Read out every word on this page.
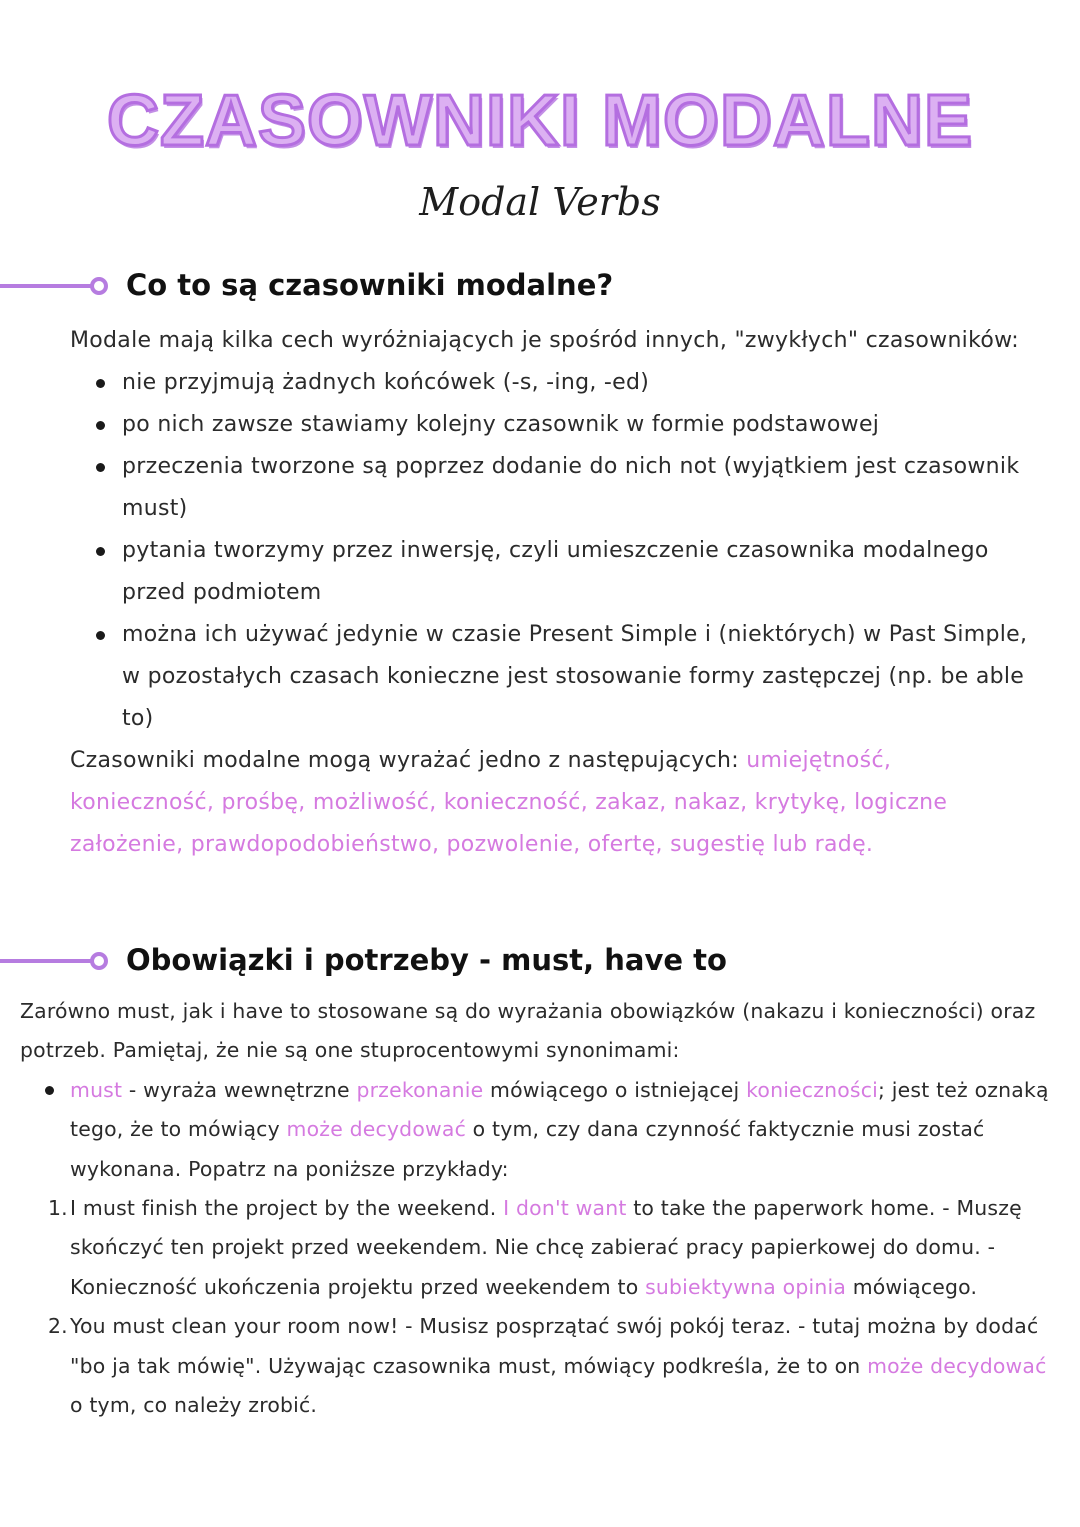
CZASOWNIKI MODALNE
Modal Verbs
Co to są czasowniki modalne?

Modale mają kilka cech wyróżniających je spośród innych, "zwykłych" czasowników:

nie przyjmują żadnych końcówek (-s, -ing, -ed)
po nich zawsze stawiamy kolejny czasownik w formie podstawowej
przeczenia tworzone są poprzez dodanie do nich not (wyjątkiem jest czasownik must)
pytania tworzymy przez inwersję, czyli umieszczenie czasownika modalnego przed podmiotem
można ich używać jedynie w czasie Present Simple i (niektórych) w Past Simple, w pozostałych czasach konieczne jest stosowanie formy zastępczej (np. be able to)

Czasowniki modalne mogą wyrażać jedno z następujących: umiejętność, konieczność, prośbę, możliwość, konieczność, zakaz, nakaz, krytykę, logiczne założenie, prawdopodobieństwo, pozwolenie, ofertę, sugestię lub radę.

Obowiązki i potrzeby - must, have to

Zarówno must, jak i have to stosowane są do wyrażania obowiązków (nakazu i konieczności) oraz potrzeb. Pamiętaj, że nie są one stuprocentowymi synonimami:

must - wyraża wewnętrzne przekonanie mówiącego o istniejącej konieczności; jest też oznaką tego, że to mówiący może decydować o tym, czy dana czynność faktycznie musi zostać wykonana. Popatrz na poniższe przykłady:
1. I must finish the project by the weekend. I don't want to take the paperwork home. - Muszę skończyć ten projekt przed weekendem. Nie chcę zabierać pracy papierkowej do domu. - Konieczność ukończenia projektu przed weekendem to subiektywna opinia mówiącego.
2. You must clean your room now! - Musisz posprzątać swój pokój teraz. - tutaj można by dodać "bo ja tak mówię". Używając czasownika must, mówiący podkreśla, że to on może decydować o tym, co należy zrobić.
